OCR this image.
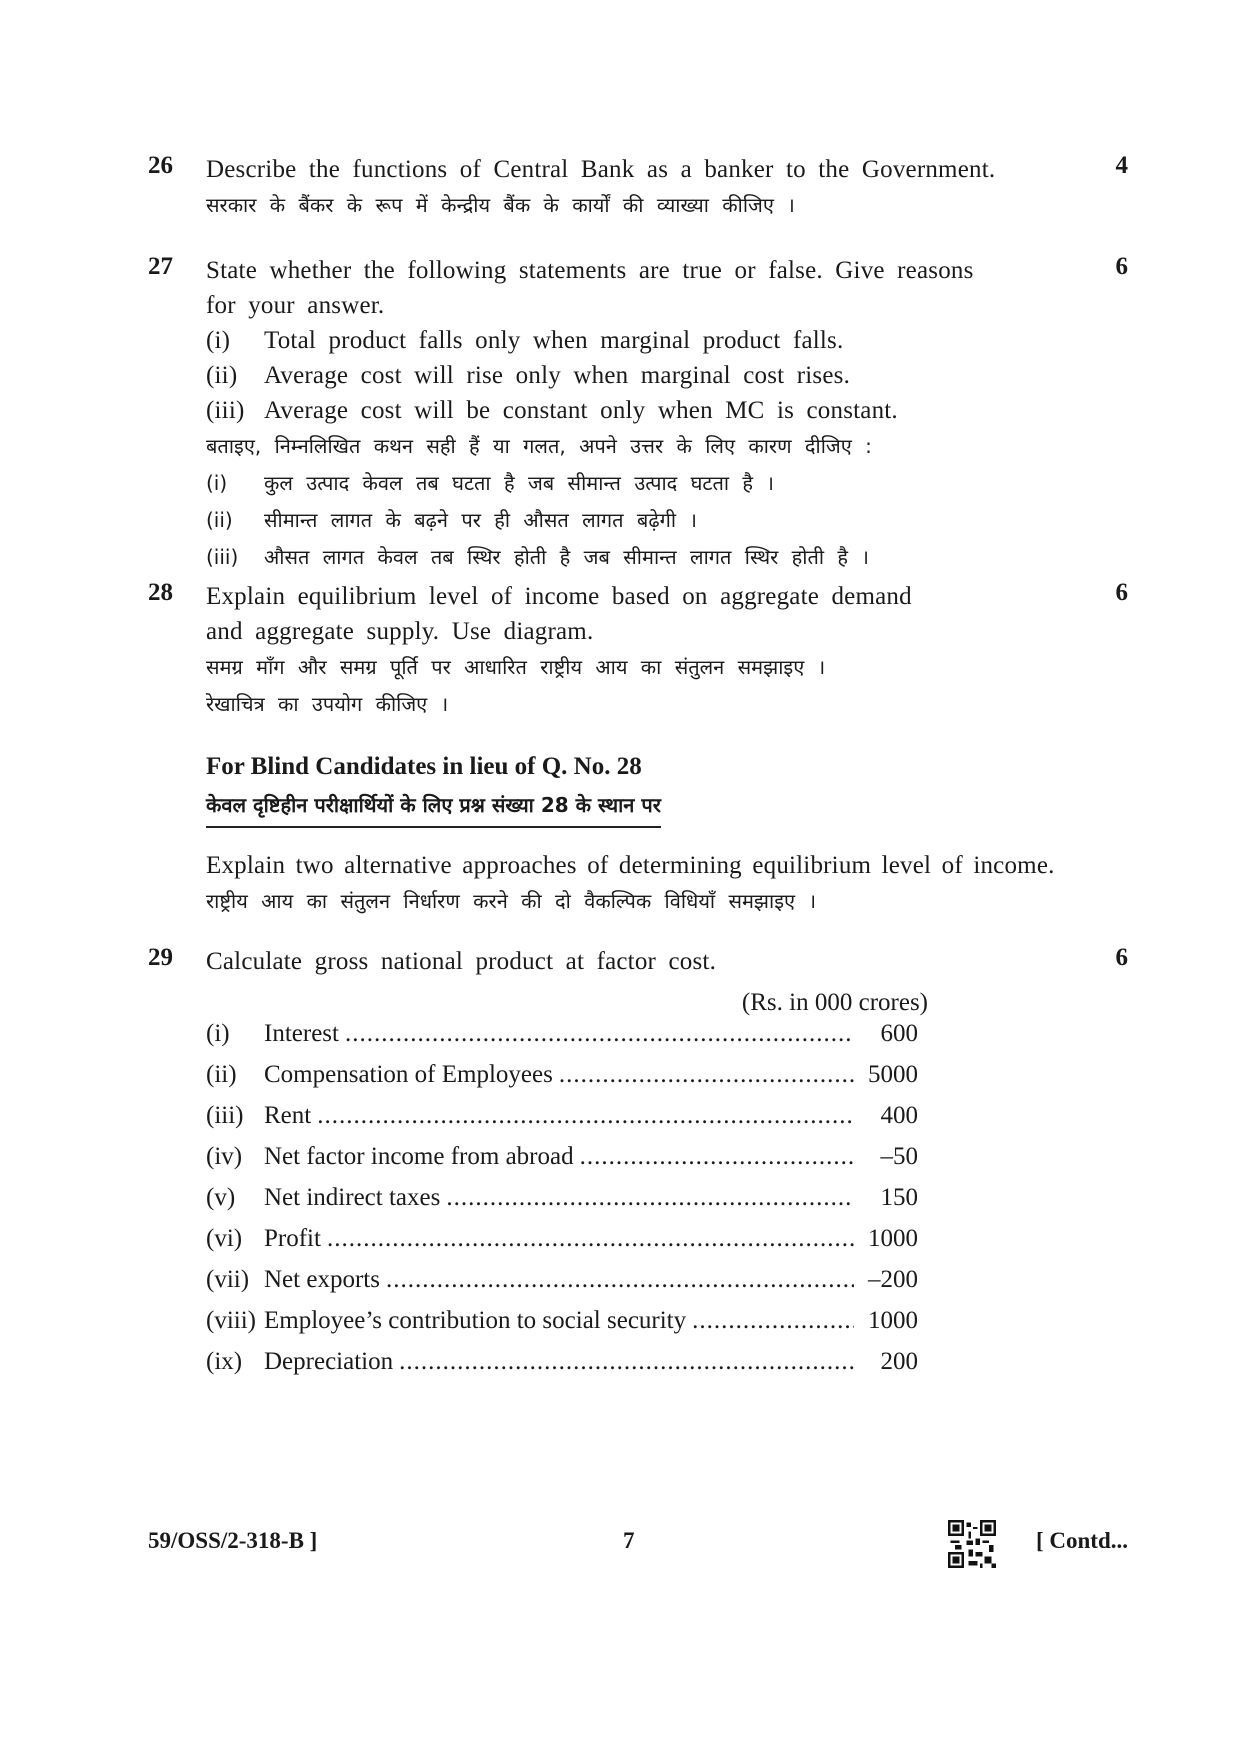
26	4
Describe the functions of Central Bank as a banker to the Government.
सरकार के बैंकर के रूप में केन्द्रीय बैंक के कार्यों की व्याख्या कीजिए ।
27	6
State whether the following statements are true or false. Give reasons
for your answer.
(i)	Total product falls only when marginal product falls.
(ii)	Average cost will rise only when marginal cost rises.
(iii) Average cost will be constant only when MC is constant.
बताइए, निम्नलिखित कथन सही हैं या गलत, अपने उत्तर के लिए कारण दीजिए :
(i)	कुल उत्पाद केवल तब घटता है जब सीमान्त उत्पाद घटता है ।
(ii)	सीमान्त लागत के बढ़ने पर ही औसत लागत बढ़ेगी ।
(iii)	औसत लागत केवल तब स्थिर होती है जब सीमान्त लागत स्थिर होती है ।
28	6
Explain equilibrium level of income based on aggregate demand
and aggregate supply. Use diagram.
समग्र माँग और समग्र पूर्ति पर आधारित राष्ट्रीय आय का संतुलन समझाइए ।
रेखाचित्र का उपयोग कीजिए ।
For Blind Candidates in lieu of Q. No. 28
केवल दृष्टिहीन परीक्षार्थियों के लिए प्रश्न संख्या 28 के स्थान पर
Explain two alternative approaches of determining equilibrium level of income.
राष्ट्रीय आय का संतुलन निर्धारण करने की दो वैकल्पिक विधियाँ समझाइए ।
29	6
Calculate gross national product at factor cost.
(Rs. in 000 crores)
(i)	Interest .....	600
(ii)	Compensation of Employees .....	5000
(iii) Rent .....	400
(iv) Net factor income from abroad .....	–50
(v)	Net indirect taxes .....	150
(vi) Profit .....	1000
(vii) Net exports .....	–200
(viii) Employee’s contribution to social security .....	1000
(ix) Depreciation .....	200
59/OSS/2-318-B ]	7	[ Contd...
